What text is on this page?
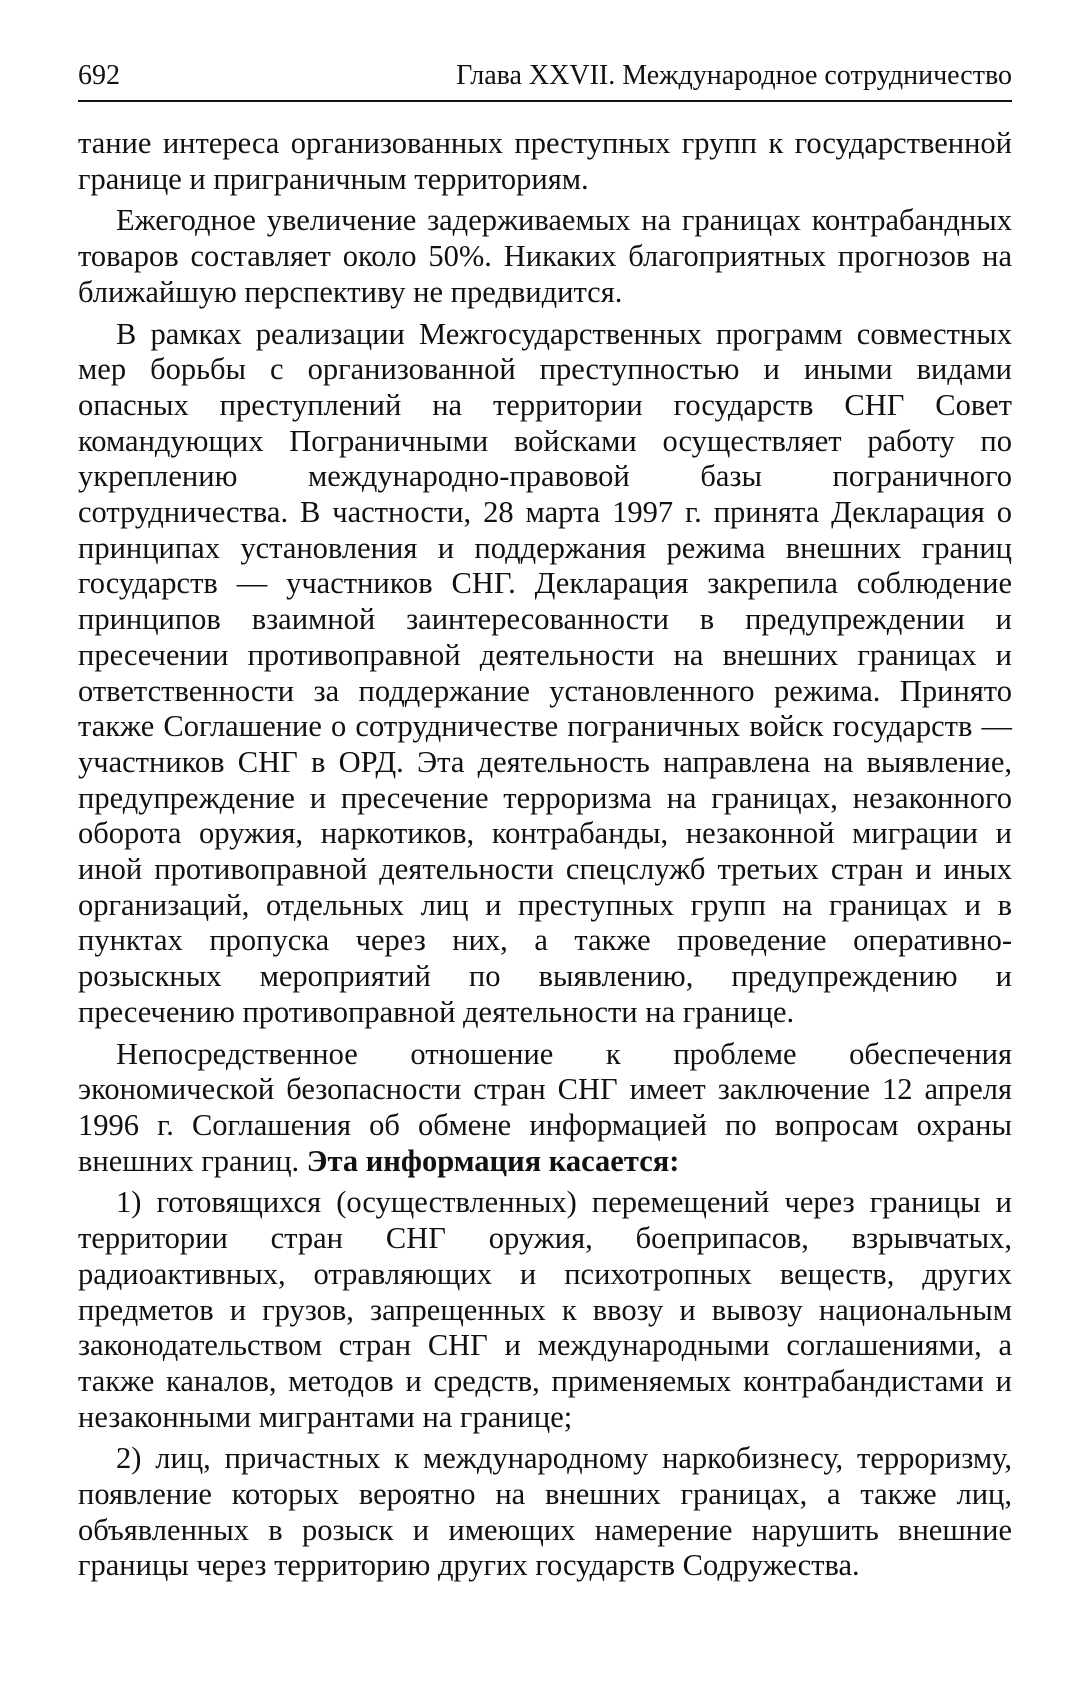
692	Глава XXVII. Международное сотрудничество

тание интереса организованных преступных групп к государственной границе и приграничным территориям.

Ежегодное увеличение задерживаемых на границах контрабандных товаров составляет около 50%. Никаких благоприятных прогнозов на ближайшую перспективу не предвидится.

В рамках реализации Межгосударственных программ совместных мер борьбы с организованной преступностью и иными видами опасных преступлений на территории государств СНГ Совет командующих Пограничными войсками осуществляет работу по укреплению международно-правовой базы пограничного сотрудничества. В частности, 28 марта 1997 г. принята Декларация о принципах установления и поддержания режима внешних границ государств — участников СНГ. Декларация закрепила соблюдение принципов взаимной заинтересованности в предупреждении и пресечении противоправной деятельности на внешних границах и ответственности за поддержание установленного режима. Принято также Соглашение о сотрудничестве пограничных войск государств — участников СНГ в ОРД. Эта деятельность направлена на выявление, предупреждение и пресечение терроризма на границах, незаконного оборота оружия, наркотиков, контрабанды, незаконной миграции и иной противоправной деятельности спецслужб третьих стран и иных организаций, отдельных лиц и преступных групп на границах и в пунктах пропуска через них, а также проведение оперативно-розыскных мероприятий по выявлению, предупреждению и пресечению противоправной деятельности на границе.

Непосредственное отношение к проблеме обеспечения экономической безопасности стран СНГ имеет заключение 12 апреля 1996 г. Соглашения об обмене информацией по вопросам охраны внешних границ. Эта информация касается:

1) готовящихся (осуществленных) перемещений через границы и территории стран СНГ оружия, боеприпасов, взрывчатых, радиоактивных, отравляющих и психотропных веществ, других предметов и грузов, запрещенных к ввозу и вывозу национальным законодательством стран СНГ и международными соглашениями, а также каналов, методов и средств, применяемых контрабандистами и незаконными мигрантами на границе;

2) лиц, причастных к международному наркобизнесу, терроризму, появление которых вероятно на внешних границах, а также лиц, объявленных в розыск и имеющих намерение нарушить внешние границы через территорию других государств Содружества.
